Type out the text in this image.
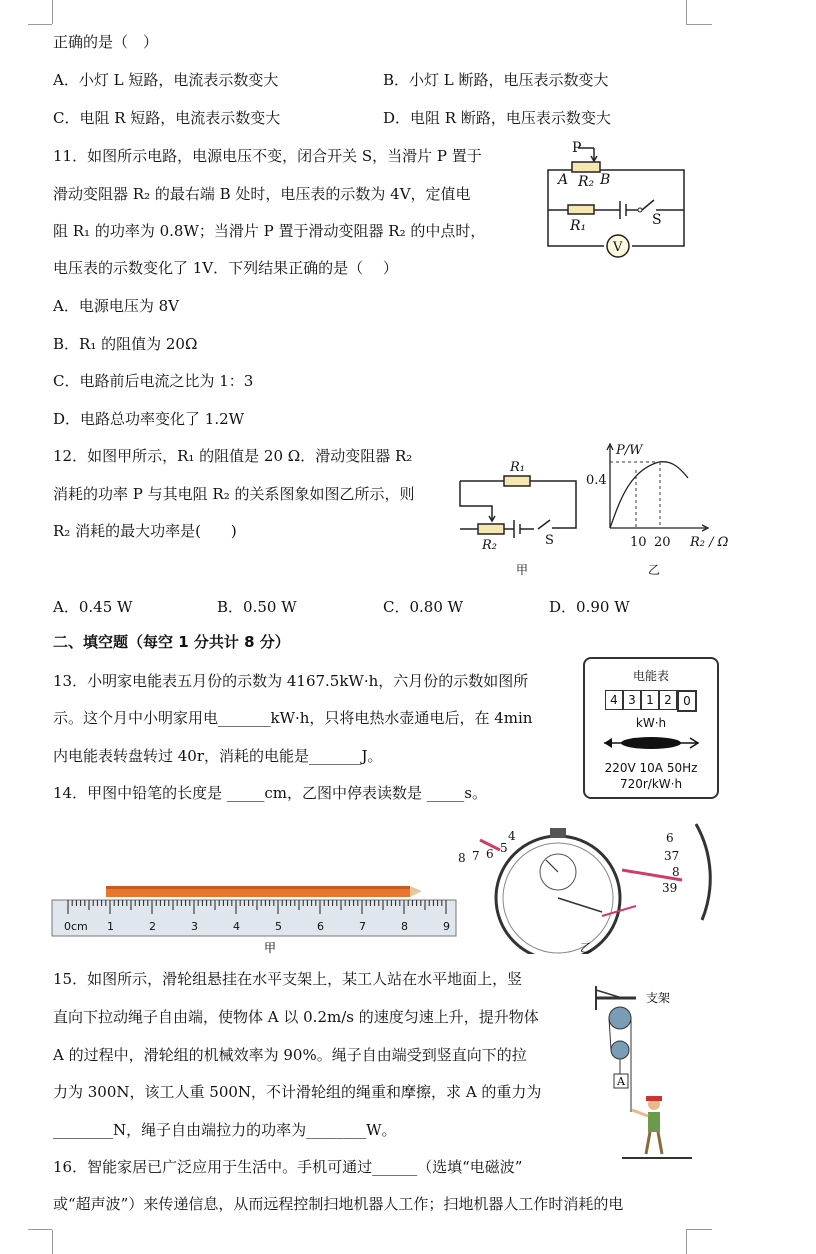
正确的是（　）
A．小灯 L 短路，电流表示数变大	B．小灯 L 断路，电压表示数变大
C．电阻 R 短路，电流表示数变大	D．电阻 R 断路，电压表示数变大
11．如图所示电路，电源电压不变，闭合开关 S，当滑片 P 置于
滑动变阻器 R₂ 的最右端 B 处时，电压表的示数为 4V，定值电
阻 R₁ 的功率为 0.8W；当滑片 P 置于滑动变阻器 R₂ 的中点时，
电压表的示数变化了 1V．下列结果正确的是（　 ）
A．电源电压为 8V
B．R₁ 的阻值为 20Ω
C．电路前后电流之比为 1：3
D．电路总功率变化了 1.2W
12．如图甲所示，R₁ 的阻值是 20 Ω．滑动变阻器 R₂
消耗的功率 P 与其电阻 R₂ 的关系图象如图乙所示，则
R₂ 消耗的最大功率是(　　)
A．0.45 W	B．0.50 W	C．0.80 W	D．0.90 W
二、填空题（每空 1 分共计 8 分）
13．小明家电能表五月份的示数为 4167.5kW·h，六月份的示数如图所
示。这个月中小明家用电_______kW·h，只将电热水壶通电后，在 4min
内电能表转盘转过 40r，消耗的电能是_______J。
14．甲图中铅笔的长度是 _____cm，乙图中停表读数是 _____s。
15．如图所示，滑轮组悬挂在水平支架上，某工人站在水平地面上，竖
直向下拉动绳子自由端，使物体 A 以 0.2m/s 的速度匀速上升，提升物体
A 的过程中，滑轮组的机械效率为 90%。绳子自由端受到竖直向下的拉
力为 300N，该工人重 500N，不计滑轮组的绳重和摩擦，求 A 的重力为
________N，绳子自由端拉力的功率为________W。
16．智能家居已广泛应用于生活中。手机可通过______（选填“电磁波”
或“超声波”）来传递信息，从而远程控制扫地机器人工作；扫地机器人工作时消耗的电
P
A R₂ B
R₁	S
V
R₁
R₂	S
甲
P/W
0.4
10 20 R₂ / Ω
乙
电能表
4 3 1 2 0
kW·h
220V 10A 50Hz
720r/kW·h
0cm 1	2	3	4	5	6	7	8	9
甲
8 7 6 5
4	6
37
8
39
乙
支架
A
